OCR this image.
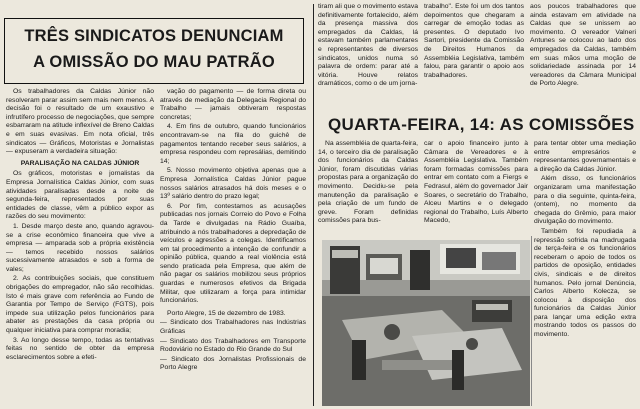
TRÊS SINDICATOS DENUNCIAM
A OMISSÃO DO MAU PATRÃO

Os trabalhadores da Caldas Júnior não resolveram parar assim sem mais nem menos. A decisão foi o resultado de um exaustivo e infrutífero processo de negociações, que sempre esbarraram na atitude inflexível de Breno Caldas e em suas evasivas. Em nota oficial, três sindicatos — Gráficos, Motoristas e Jornalistas — expuseram a verdadeira situação:

PARALISAÇÃO NA CALDAS JÚNIOR

Os gráficos, motoristas e jornalistas da Empresa Jornalística Caldas Júnior, com suas atividades paralisadas desde a noite de segunda-feira, representados por suas entidades de classe, vêm a público expor as razões do seu movimento:

1. Desde março deste ano, quando agravou-se a crise econômico financeira que vive a empresa — amparada sob a própria existência — temos recebido nossos salários sucessivamente atrasados e sob a forma de vales;

2. As contribuições sociais, que constituem obrigações do empregador, não são recolhidas. Isto é mais grave com referência ao Fundo de Garantia por Tempo de Serviço (FGTS), pois impede sua utilização pelos funcionários para abater as prestações da casa própria ou qualquer iniciativa para comprar moradia;

3. Ao longo desse tempo, todas as tentativas feitas no sentido de obter da empresa esclarecimentos sobre a efeti-

vação do pagamento — de forma direta ou através de mediação da Delegacia Regional do Trabalho — jamais obtiveram respostas concretas;

4. Em fins de outubro, quando funcionários encontravam-se na fila do guichê de pagamentos tentando receber seus salários, a empresa respondeu com represálias, demitindo 14;

5. Nosso movimento objetiva apenas que a Empresa Jornalística Caldas Júnior pague nossos salários atrasados há dois meses e o 13º salário dentro do prazo legal;

6. Por fim, contestamos as acusações publicadas nos jornais Correio do Povo e Folha da Tarde e divulgadas na Rádio Guaíba, atribuindo a nós trabalhadores a depredação de veículos e agressões a colegas. Identificamos em tal procedimento a intenção de confundir a opinião pública, quando a real violência está sendo praticada pela Empresa, que além de não pagar os salários mobilizou seus próprios guardas e numerosos efetivos da Brigada Militar, que utilizaram a força para intimidar funcionários.

Porto Alegre, 15 de dezembro de 1983.

— Sindicato dos Trabalhadores nas Indústrias Gráficas

— Sindicato dos Trabalhadores em Transporte Rodoviário no Estado do Rio Grande do Sul

— Sindicato dos Jornalistas Profissionais de Porto Alegre

tiram ali que o movimento estava definitivamente fortalecido, além da presença massiva dos empregados da Caldas, lá estavam também parlamentares e representantes de diversos sindicatos, unidos numa só palavra de ordem: parar até a vitória. Houve relatos dramáticos, como o de um jorna-

trabalho". Este foi um dos tantos depoimentos que chegaram a carregar de emoção todas as presentes. O deputado Ivo Sartori, presidente da Comissão de Direitos Humanos da Assembléia Legislativa, também falou, para garantir o apoio aos trabalhadores.

aos poucos trabalhadores que ainda estavam em atividade na Caldas que se unissem ao movimento. O vereador Valneri Antunes se colocou ao lado dos empregados da Caldas, também em suas mãos uma moção de solidariedade assinada por 14 vereadores da Câmara Municipal de Porto Alegre.

QUARTA-FEIRA, 14: AS COMISSÕES

Na assembléia de quarta-feira, 14, o terceiro dia de paralisação dos funcionários da Caldas Júnior, foram discutidas várias propostas para a organização do movimento. Decidiu-se pela manutenção da paralisação e pela criação de um fundo de greve. Foram definidas comissões para bus-

car o apoio financeiro junto à Câmara de Vereadores e à Assembléia Legislativa. Também foram formadas comissões para entrar em contato com a Fiergs e Fedrasul, além do governador Jair Soares, o secretário do Trabalho, Alceu Martins e o delegado regional do Trabalho, Luís Alberto Macedo,

para tentar obter uma mediação entre empresários e representantes governamentais e a direção da Caldas Júnior.

Além disso, os funcionários organizaram uma manifestação para o dia seguinte, quinta-feira, (ontem), no momento da chegada do Grêmio, para maior divulgação do movimento.

Também foi repudiada a repressão sofrida na madrugada de terça-feira e os funcionários receberam o apoio de todos os partidos de oposição, entidades civis, sindicais e de direitos humanos. Pelo jornal Denúncia, Carlos Alberto Kolecza, se colocou à disposição dos funcionários da Caldas Júnior para lançar uma edição extra mostrando todos os passos do movimento.
